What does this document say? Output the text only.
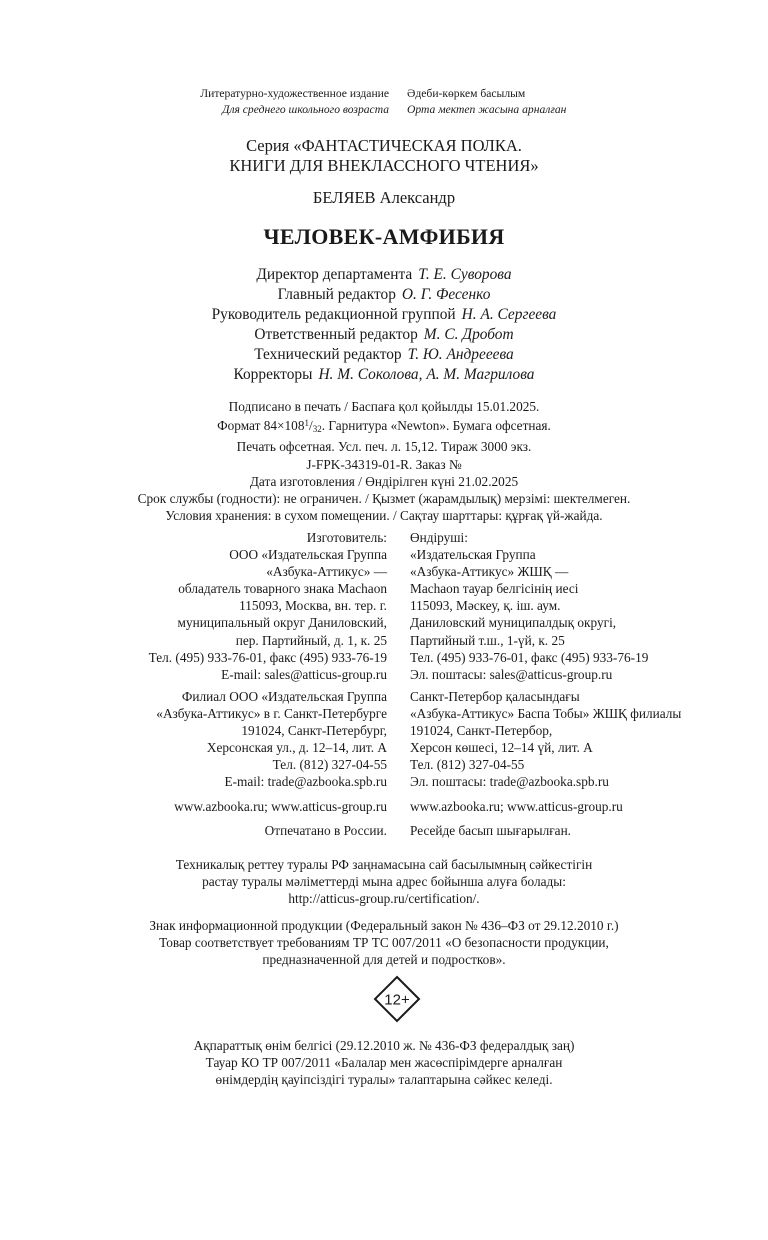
Литературно-художественное издание
Для среднего школьного возраста
Әдеби-көркем басылым
Орта мектеп жасына арналған
Серия «ФАНТАСТИЧЕСКАЯ ПОЛКА.
КНИГИ ДЛЯ ВНЕКЛАССНОГО ЧТЕНИЯ»
БЕЛЯЕВ Александр
ЧЕЛОВЕК-АМФИБИЯ
Директор департамента Т. Е. Суворова
Главный редактор О. Г. Фесенко
Руководитель редакционной группой Н. А. Сергеева
Ответственный редактор М. С. Дробот
Технический редактор Т. Ю. Андрееева
Корректоры Н. М. Соколова, А. М. Магрилова
Подписано в печать / Баспаға қол қойылды 15.01.2025.
Формат $84\times 108^1/_{32}$. Гарнитура «Newton». Бумага офсетная.
Печать офсетная. Усл. печ. л. 15,12. Тираж 3000 экз.
J-FPK-34319-01-R. Заказ №
Дата изготовления / Өндірілген күні 21.02.2025
Срок службы (годности): не ограничен. / Қызмет (жарамдылық) мерзімі: шектелмеген.
Условия хранения: в сухом помещении. / Сақтау шарттары: құрғақ үй-жайда.
Изготовитель:
ООО «Издательская Группа
«Азбука-Аттикус» —
обладатель товарного знака Machaon
115093, Москва, вн. тер. г.
муниципальный округ Даниловский,
пер. Партийный, д. 1, к. 25
Тел. (495) 933-76-01, факс (495) 933-76-19
E-mail: sales@atticus-group.ru
Өндіруші:
«Издательская Группа
«Азбука-Аттикус» ЖШҚ —
Machaon тауар белгісінің иесі
115093, Мәскеу, қ. іш. аум.
Даниловский муниципалдық округі,
Партийный т.ш., 1-үй, к. 25
Тел. (495) 933-76-01, факс (495) 933-76-19
Эл. поштасы: sales@atticus-group.ru
Филиал ООО «Издательская Группа
«Азбука-Аттикус» в г. Санкт-Петербурге
191024, Санкт-Петербург,
Херсонская ул., д. 12–14, лит. А
Тел. (812) 327-04-55
E-mail: trade@azbooka.spb.ru
Санкт-Петербор қаласындағы
«Азбука-Аттикус» Баспа Тобы» ЖШҚ филиалы
191024, Санкт-Петербор,
Херсон көшесі, 12–14 үй, лит. А
Тел. (812) 327-04-55
Эл. поштасы: trade@azbooka.spb.ru
www.azbooka.ru; www.atticus-group.ru www.azbooka.ru; www.atticus-group.ru
Отпечатано в России. Ресейде басып шығарылған.
Техникалық реттеу туралы РФ заңнамасына сай басылымның сәйкестігін
растау туралы мәліметтерді мына адрес бойынша алуға болады:
http://atticus-group.ru/certification/.
Знак информационной продукции (Федеральный закон № 436–ФЗ от 29.12.2010 г.)
Товар соответствует требованиям ТР ТС 007/2011 «О безопасности продукции,
предназначенной для детей и подростков».
12+
Ақпараттық өнім белгісі (29.12.2010 ж. № 436-ФЗ федералдық заң)
Тауар КО ТР 007/2011 «Балалар мен жасөспірімдерге арналған
өнімдердің қауіпсіздігі туралы» талаптарына сәйкес келеді.
